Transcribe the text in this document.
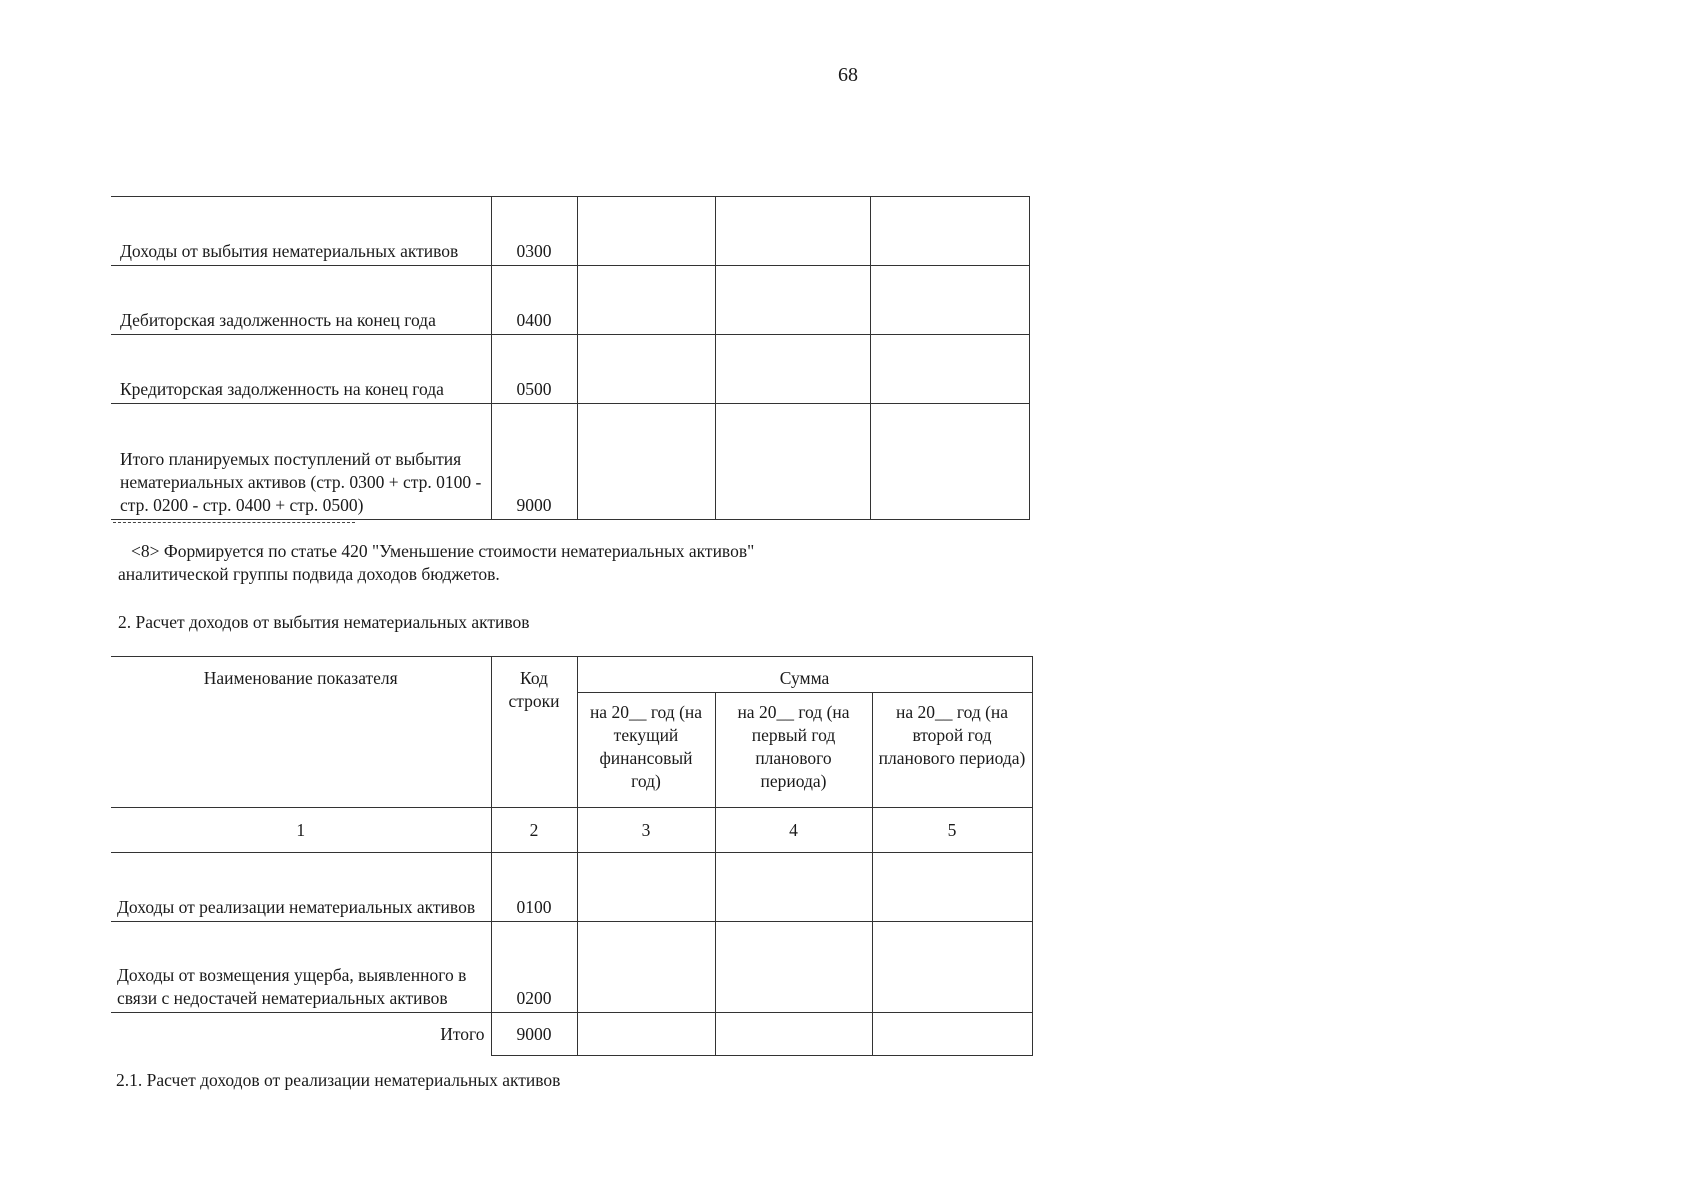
68
Доходы от выбытия нематериальных активов	0300			
Дебиторская задолженность на конец года	0400			
Кредиторская задолженность на конец года	0500			
Итого планируемых поступлений от выбытия нематериальных активов (стр. 0300 + стр. 0100 - стр. 0200 - стр. 0400 + стр. 0500)	9000			
<8> Формируется по статье 420 "Уменьшение стоимости нематериальных активов" аналитической группы подвида доходов бюджетов.
2. Расчет доходов от выбытия нематериальных активов
Наименование показателя	Код строки	Сумма		
		на 20__ год (на текущий финансовый год)	на 20__ год (на первый год планового периода)	на 20__ год (на второй год планового периода)
1	2	3	4	5
Доходы от реализации нематериальных активов	0100			
Доходы от возмещения ущерба, выявленного в связи с недостачей нематериальных активов	0200			
Итого	9000			
2.1. Расчет доходов от реализации нематериальных активов
